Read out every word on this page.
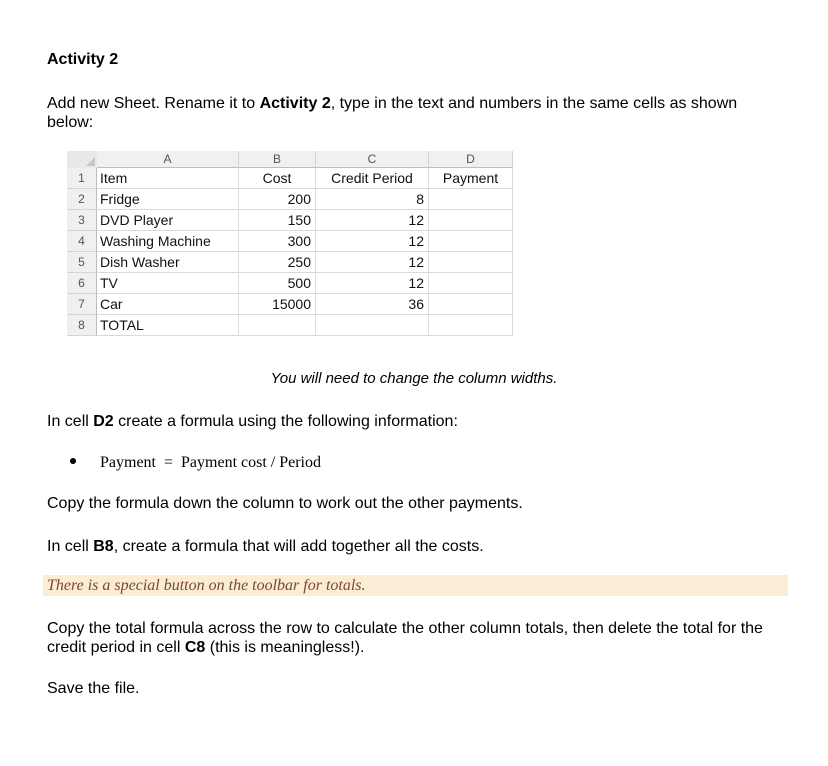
Activity 2
Add new Sheet. Rename it to Activity 2, type in the text and numbers in the same cells as shown below:
A	B	C	D
1	Item	Cost	Credit Period	Payment
2	Fridge	200	8
3	DVD Player	150	12
4	Washing Machine	300	12
5	Dish Washer	250	12
6	TV	500	12
7	Car	15000	36
8	TOTAL
You will need to change the column widths.
In cell D2 create a formula using the following information:
Payment  =  Payment cost / Period
Copy the formula down the column to work out the other payments.
In cell B8, create a formula that will add together all the costs.
There is a special button on the toolbar for totals.
Copy the total formula across the row to calculate the other column totals, then delete the total for the credit period in cell C8 (this is meaningless!).
Save the file.
